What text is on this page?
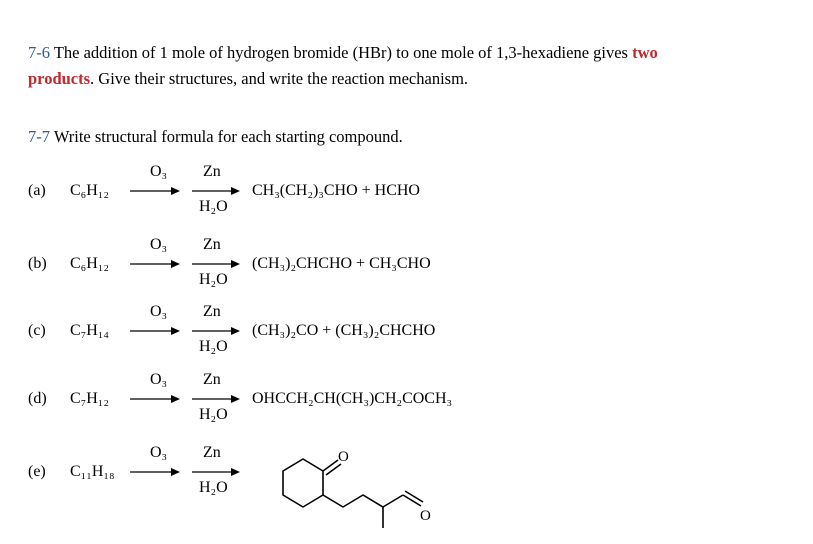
7-6 The addition of 1 mole of hydrogen bromide (HBr) to one mole of 1,3-hexadiene gives two
products. Give their structures, and write the reaction mechanism.
7-7 Write structural formula for each starting compound.
(a) C₆H₁₂
O₃ Zn
H₂O
CH₃(CH₂)₃CHO + HCHO
(b) C₆H₁₂
O₃ Zn
H₂O
(CH₃)₂CHCHO + CH₃CHO
(c) C₇H₁₄
O₃ Zn
H₂O
(CH₃)₂CO + (CH₃)₂CHCHO
(d) C₇H₁₂
O₃ Zn
H₂O
OHCCH₂CH(CH₃)CH₂COCH₃
(e) C₁₁H₁₈
O₃ Zn
H₂O
O
O
